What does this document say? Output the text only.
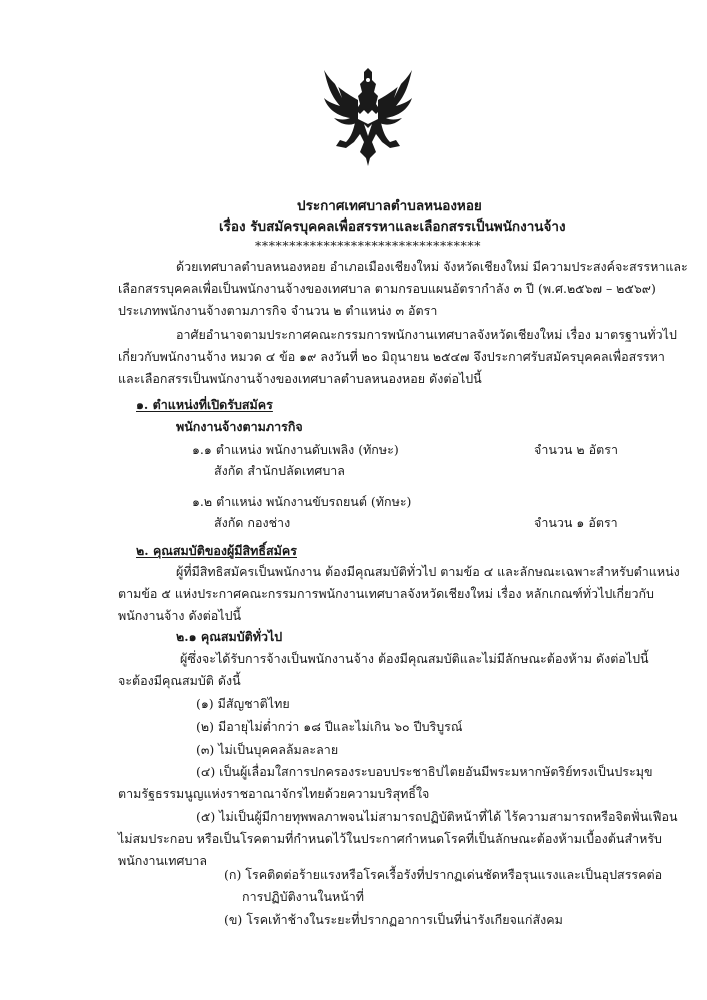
ประกาศเทศบาลตำบลหนองหอย
เรื่อง รับสมัครบุคคลเพื่อสรรหาและเลือกสรรเป็นพนักงานจ้าง
*********************************
ด้วยเทศบาลตำบลหนองหอย อำเภอเมืองเชียงใหม่ จังหวัดเชียงใหม่ มีความประสงค์จะสรรหาและ
เลือกสรรบุคคลเพื่อเป็นพนักงานจ้างของเทศบาล ตามกรอบแผนอัตรากำลัง ๓ ปี (พ.ศ.๒๕๖๗ – ๒๕๖๙)
ประเภทพนักงานจ้างตามภารกิจ จำนวน ๒ ตำแหน่ง ๓ อัตรา
อาศัยอำนาจตามประกาศคณะกรรมการพนักงานเทศบาลจังหวัดเชียงใหม่ เรื่อง มาตรฐานทั่วไป
เกี่ยวกับพนักงานจ้าง หมวด ๔ ข้อ ๑๙ ลงวันที่ ๒๐ มิถุนายน ๒๕๔๗ จึงประกาศรับสมัครบุคคลเพื่อสรรหา
และเลือกสรรเป็นพนักงานจ้างของเทศบาลตำบลหนองหอย ดังต่อไปนี้
๑. ตำแหน่งที่เปิดรับสมัคร
พนักงานจ้างตามภารกิจ
๑.๑ ตำแหน่ง พนักงานดับเพลิง (ทักษะ)	จำนวน ๒ อัตรา
สังกัด สำนักปลัดเทศบาล
๑.๒ ตำแหน่ง พนักงานขับรถยนต์ (ทักษะ)
สังกัด กองช่าง	จำนวน ๑ อัตรา
๒. คุณสมบัติของผู้มีสิทธิ์สมัคร
ผู้ที่มีสิทธิสมัครเป็นพนักงาน ต้องมีคุณสมบัติทั่วไป ตามข้อ ๔ และลักษณะเฉพาะสำหรับตำแหน่ง
ตามข้อ ๕ แห่งประกาศคณะกรรมการพนักงานเทศบาลจังหวัดเชียงใหม่ เรื่อง หลักเกณฑ์ทั่วไปเกี่ยวกับ
พนักงานจ้าง ดังต่อไปนี้
๒.๑ คุณสมบัติทั่วไป
ผู้ซึ่งจะได้รับการจ้างเป็นพนักงานจ้าง ต้องมีคุณสมบัติและไม่มีลักษณะต้องห้าม ดังต่อไปนี้
จะต้องมีคุณสมบัติ ดังนี้
(๑) มีสัญชาติไทย
(๒) มีอายุไม่ต่ำกว่า ๑๘ ปีและไม่เกิน ๖๐ ปีบริบูรณ์
(๓) ไม่เป็นบุคคลล้มละลาย
(๔) เป็นผู้เลื่อมใสการปกครองระบอบประชาธิปไตยอันมีพระมหากษัตริย์ทรงเป็นประมุข
ตามรัฐธรรมนูญแห่งราชอาณาจักรไทยด้วยความบริสุทธิ์ใจ
(๕) ไม่เป็นผู้มีกายทุพพลภาพจนไม่สามารถปฏิบัติหน้าที่ได้ ไร้ความสามารถหรือจิตฟั่นเฟือน
ไม่สมประกอบ หรือเป็นโรคตามที่กำหนดไว้ในประกาศกำหนดโรคที่เป็นลักษณะต้องห้ามเบื้องต้นสำหรับ
พนักงานเทศบาล
(ก) โรคติดต่อร้ายแรงหรือโรคเรื้อรังที่ปรากฏเด่นชัดหรือรุนแรงและเป็นอุปสรรคต่อ
การปฏิบัติงานในหน้าที่
(ข) โรคเท้าช้างในระยะที่ปรากฏอาการเป็นที่น่ารังเกียจแก่สังคม
